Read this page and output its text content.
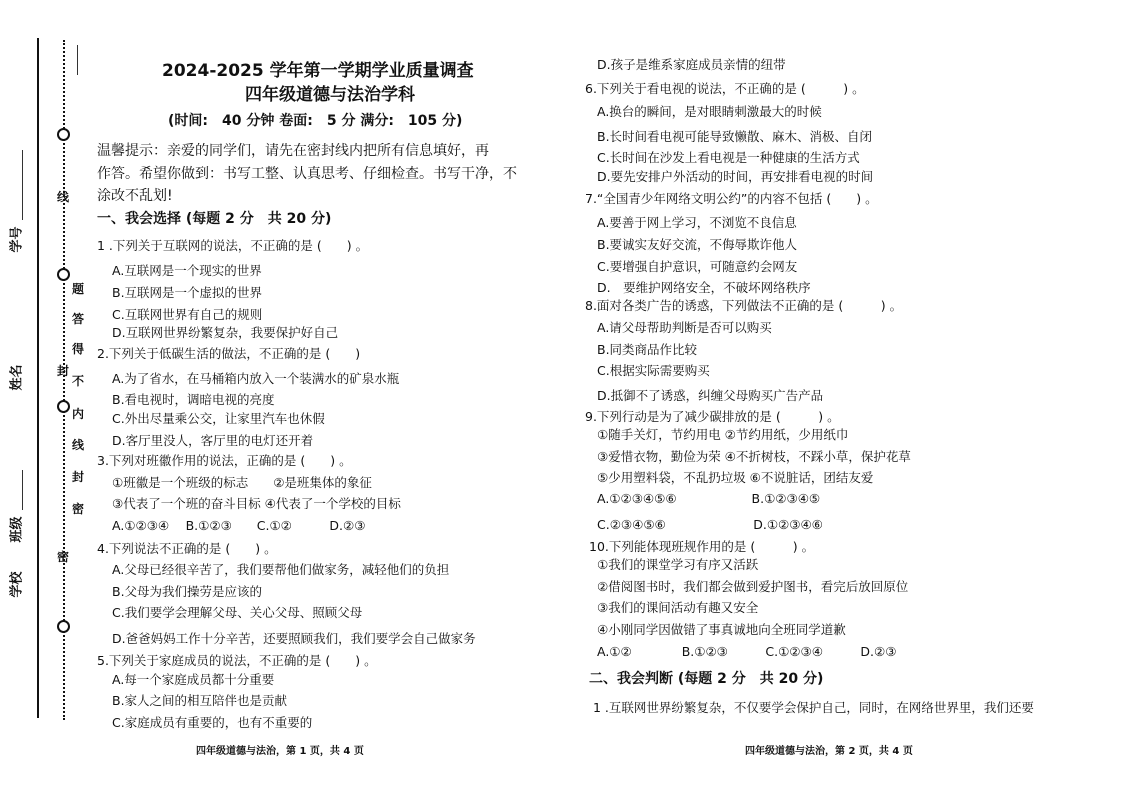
线
封
密
题
答
得
不
内
线
封
密
学号
姓名
班级
学校
2024-2025 学年第一学期学业质量调查
四年级道德与法治学科
(时间:　40 分钟 卷面:　5 分 满分:　105 分)
温馨提示：亲爱的同学们，请先在密封线内把所有信息填好，再
作答。希望你做到：书写工整、认真思考、仔细检查。书写干净，不
涂改不乱划!
一、我会选择 (每题 2 分　共 20 分)
1 .下列关于互联网的说法，不正确的是 (　　) 。
A.互联网是一个现实的世界
B.互联网是一个虚拟的世界
C.互联网世界有自己的规则
D.互联网世界纷繁复杂，我要保护好自己
2.下列关于低碳生活的做法，不正确的是 (　　)
A.为了省水，在马桶箱内放入一个装满水的矿泉水瓶
B.看电视时，调暗电视的亮度
C.外出尽量乘公交，让家里汽车也休假
D.客厅里没人，客厅里的电灯还开着
3.下列对班徽作用的说法，正确的是 (　　) 。
①班徽是一个班级的标志　　②是班集体的象征
③代表了一个班的奋斗目标 ④代表了一个学校的目标
A.①②③④　 B.①②③　　C.①②　　　D.②③
4.下列说法不正确的是 (　　) 。
A.父母已经很辛苦了，我们要帮他们做家务，减轻他们的负担
B.父母为我们操劳是应该的
C.我们要学会理解父母、关心父母、照顾父母
D.爸爸妈妈工作十分辛苦，还要照顾我们，我们要学会自己做家务
5.下列关于家庭成员的说法，不正确的是 (　　) 。
A.每一个家庭成员都十分重要
B.家人之间的相互陪伴也是贡献
C.家庭成员有重要的，也有不重要的
四年级道德与法治，第 1 页，共 4 页
D.孩子是维系家庭成员亲情的纽带
6.下列关于看电视的说法，不正确的是 (　　　) 。
A.换台的瞬间，是对眼睛刺激最大的时候
B.长时间看电视可能导致懒散、麻木、消极、自闭
C.长时间在沙发上看电视是一种健康的生活方式
D.要先安排户外活动的时间，再安排看电视的时间
7.“全国青少年网络文明公约”的内容不包括 (　　) 。
A.要善于网上学习，不浏览不良信息
B.要诚实友好交流，不侮辱欺诈他人
C.要增强自护意识，可随意约会网友
D.　要维护网络安全，不破坏网络秩序
8.面对各类广告的诱惑，下列做法不正确的是 (　　　) 。
A.请父母帮助判断是否可以购买
B.同类商品作比较
C.根据实际需要购买
D.抵御不了诱惑，纠缠父母购买广告产品
9.下列行动是为了减少碳排放的是 (　　　) 。
①随手关灯，节约用电 ②节约用纸，少用纸巾
③爱惜衣物，勤俭为荣 ④不折树枝，不踩小草，保护花草
⑤少用塑料袋，不乱扔垃圾 ⑥不说脏话，团结友爱
A.①②③④⑤⑥　　　　　　B.①②③④⑤
C.②③④⑤⑥　　　　　　　D.①②③④⑥
10.下列能体现班规作用的是 (　　　) 。
①我们的课堂学习有序又活跃
②借阅图书时，我们都会做到爱护图书，看完后放回原位
③我们的课间活动有趣又安全
④小刚同学因做错了事真诚地向全班同学道歉
A.①②　　　　B.①②③　　　C.①②③④　　　D.②③
二、我会判断 (每题 2 分　共 20 分)
1 .互联网世界纷繁复杂，不仅要学会保护自己，同时，在网络世界里，我们还要
四年级道德与法治，第 2 页，共 4 页
